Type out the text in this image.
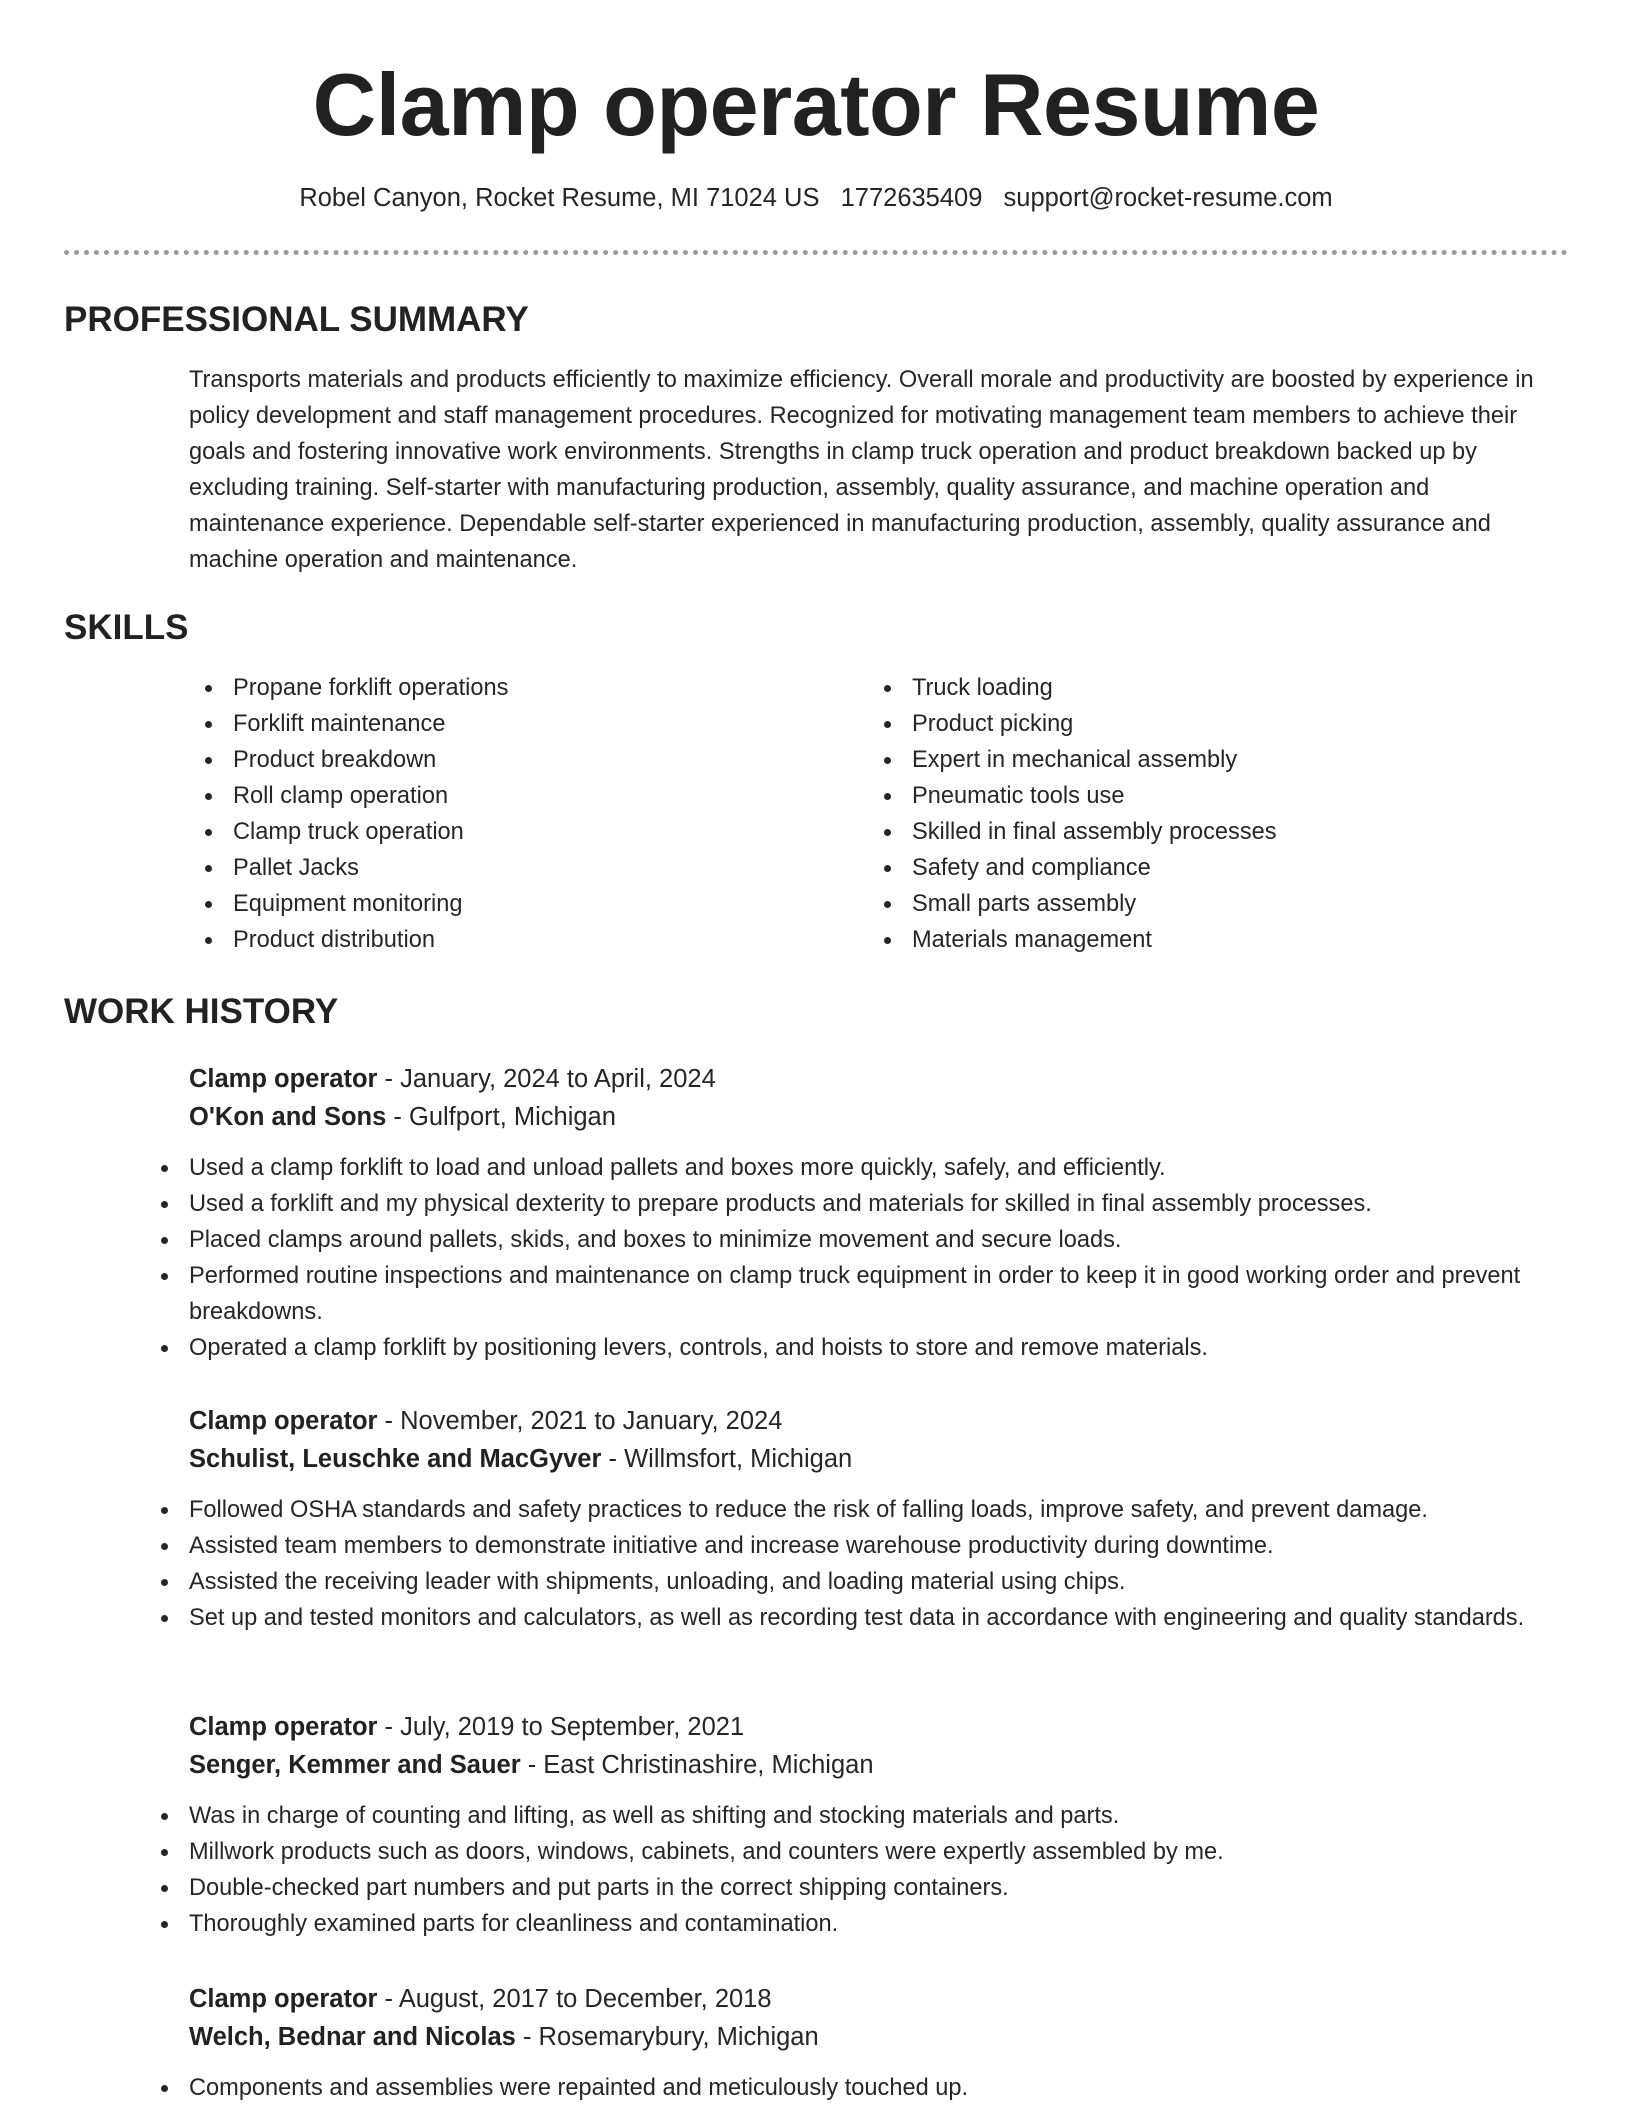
Clamp operator Resume
Robel Canyon, Rocket Resume, MI 71024 US 1772635409 support@rocket-resume.com
PROFESSIONAL SUMMARY

Transports materials and products efficiently to maximize efficiency. Overall morale and productivity are boosted by experience in policy development and staff management procedures. Recognized for motivating management team members to achieve their goals and fostering innovative work environments. Strengths in clamp truck operation and product breakdown backed up by excluding training. Self-starter with manufacturing production, assembly, quality assurance, and machine operation and maintenance experience. Dependable self-starter experienced in manufacturing production, assembly, quality assurance and machine operation and maintenance.

SKILLS
Propane forklift operations
Forklift maintenance
Product breakdown
Roll clamp operation
Clamp truck operation
Pallet Jacks
Equipment monitoring
Product distribution
Truck loading
Product picking
Expert in mechanical assembly
Pneumatic tools use
Skilled in final assembly processes
Safety and compliance
Small parts assembly
Materials management
WORK HISTORY

Clamp operator - January, 2024 to April, 2024

O'Kon and Sons - Gulfport, Michigan

Used a clamp forklift to load and unload pallets and boxes more quickly, safely, and efficiently.
Used a forklift and my physical dexterity to prepare products and materials for skilled in final assembly processes.
Placed clamps around pallets, skids, and boxes to minimize movement and secure loads.
Performed routine inspections and maintenance on clamp truck equipment in order to keep it in good working order and prevent breakdowns.
Operated a clamp forklift by positioning levers, controls, and hoists to store and remove materials.

Clamp operator - November, 2021 to January, 2024

Schulist, Leuschke and MacGyver - Willmsfort, Michigan

Followed OSHA standards and safety practices to reduce the risk of falling loads, improve safety, and prevent damage.
Assisted team members to demonstrate initiative and increase warehouse productivity during downtime.
Assisted the receiving leader with shipments, unloading, and loading material using chips.
Set up and tested monitors and calculators, as well as recording test data in accordance with engineering and quality standards.

Clamp operator - July, 2019 to September, 2021

Senger, Kemmer and Sauer - East Christinashire, Michigan

Was in charge of counting and lifting, as well as shifting and stocking materials and parts.
Millwork products such as doors, windows, cabinets, and counters were expertly assembled by me.
Double-checked part numbers and put parts in the correct shipping containers.
Thoroughly examined parts for cleanliness and contamination.

Clamp operator - August, 2017 to December, 2018

Welch, Bednar and Nicolas - Rosemarybury, Michigan

Components and assemblies were repainted and meticulously touched up.
